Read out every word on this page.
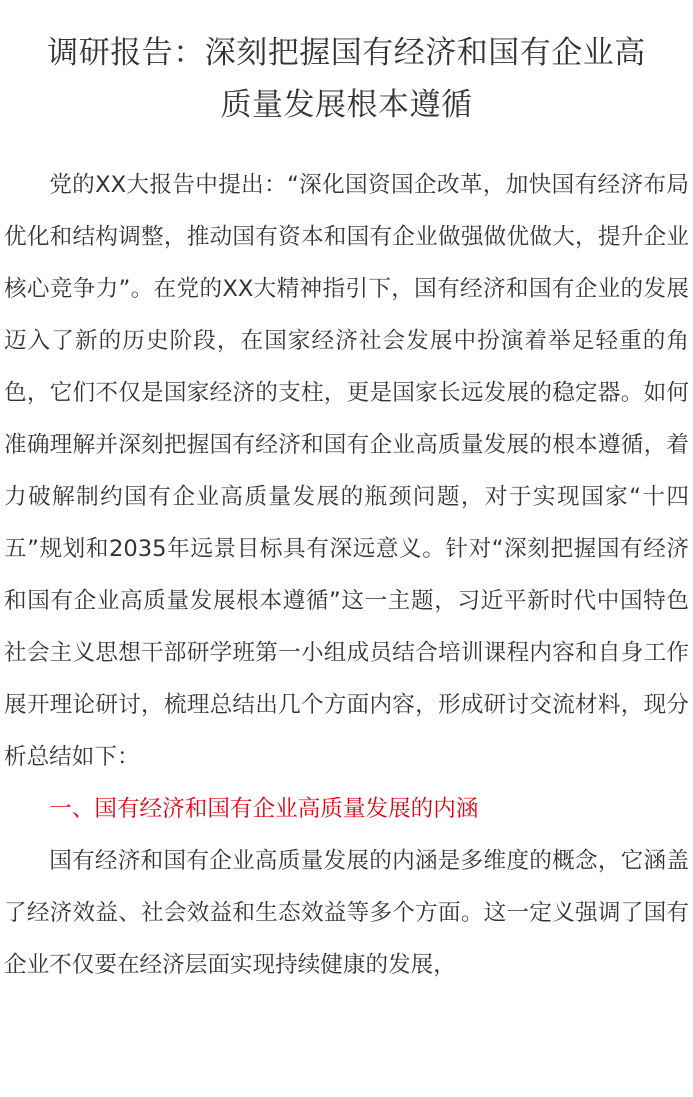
调研报告：深刻把握国有经济和国有企业高
质量发展根本遵循

党的XX大报告中提出：“深化国资国企改革，加快国有经济布局优化和结构调整，推动国有资本和国有企业做强做优做大，提升企业核心竞争力”。在党的XX大精神指引下，国有经济和国有企业的发展迈入了新的历史阶段，在国家经济社会发展中扮演着举足轻重的角色，它们不仅是国家经济的支柱，更是国家长远发展的稳定器。如何准确理解并深刻把握国有经济和国有企业高质量发展的根本遵循，着力破解制约国有企业高质量发展的瓶颈问题，对于实现国家“十四五”规划和2035年远景目标具有深远意义。针对“深刻把握国有经济和国有企业高质量发展根本遵循”这一主题，习近平新时代中国特色社会主义思想干部研学班第一小组成员结合培训课程内容和自身工作展开理论研讨，梳理总结出几个方面内容，形成研讨交流材料，现分析总结如下：

一、国有经济和国有企业高质量发展的内涵

国有经济和国有企业高质量发展的内涵是多维度的概念，它涵盖了经济效益、社会效益和生态效益等多个方面。这一定义强调了国有企业不仅要在经济层面实现持续健康的发展，
